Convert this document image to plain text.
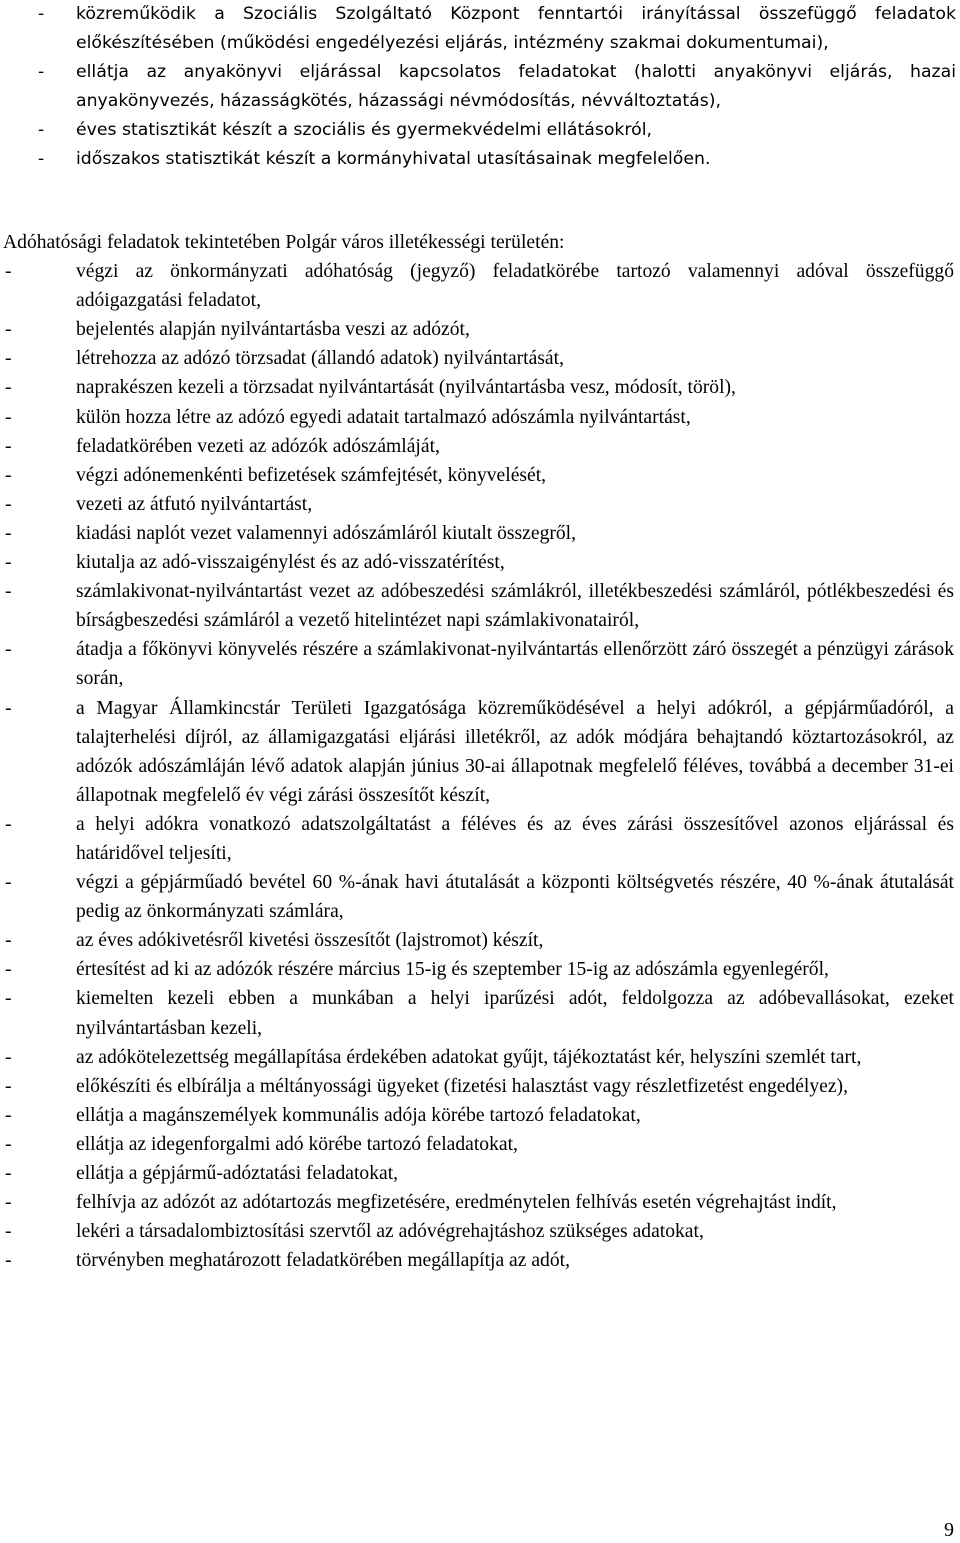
- közreműködik a Szociális Szolgáltató Központ fenntartói irányítással összefüggő feladatok előkészítésében (működési engedélyezési eljárás, intézmény szakmai dokumentumai),
- ellátja az anyakönyvi eljárással kapcsolatos feladatokat (halotti anyakönyvi eljárás, hazai anyakönyvezés, házasságkötés, házassági névmódosítás, névváltoztatás),
- éves statisztikát készít a szociális és gyermekvédelmi ellátásokról,
- időszakos statisztikát készít a kormányhivatal utasításainak megfelelően.
Adóhatósági feladatok tekintetében Polgár város illetékességi területén:
-	végzi az önkormányzati adóhatóság (jegyző) feladatkörébe tartozó valamennyi adóval összefüggő adóigazgatási feladatot,
-	bejelentés alapján nyilvántartásba veszi az adózót,
-	létrehozza az adózó törzsadat (állandó adatok) nyilvántartását,
-	naprakészen kezeli a törzsadat nyilvántartását (nyilvántartásba vesz, módosít, töröl),
-	külön hozza létre az adózó egyedi adatait tartalmazó adószámla nyilvántartást,
-	feladatkörében vezeti az adózók adószámláját,
-	végzi adónemenkénti befizetések számfejtését, könyvelését,
-	vezeti az átfutó nyilvántartást,
-	kiadási naplót vezet valamennyi adószámláról kiutalt összegről,
-	kiutalja az adó-visszaigénylést és az adó-visszatérítést,
-	számlakivonat-nyilvántartást vezet az adóbeszedési számlákról, illetékbeszedési számláról, pótlékbeszedési és bírságbeszedési számláról a vezető hitelintézet napi számlakivonatairól,
-	átadja a főkönyvi könyvelés részére a számlakivonat-nyilvántartás ellenőrzött záró összegét a pénzügyi zárások során,
-	a Magyar Államkincstár Területi Igazgatósága közreműködésével a helyi adókról, a gépjárműadóról, a talajterhelési díjról, az államigazgatási eljárási illetékről, az adók módjára behajtandó köztartozásokról, az adózók adószámláján lévő adatok alapján június 30-ai állapotnak megfelelő féléves, továbbá a december 31-ei állapotnak megfelelő év végi zárási összesítőt készít,
-	a helyi adókra vonatkozó adatszolgáltatást a féléves és az éves zárási összesítővel azonos eljárással és határidővel teljesíti,
-	végzi a gépjárműadó bevétel 60 %-ának havi átutalását a központi költségvetés részére, 40 %-ának átutalását pedig az önkormányzati számlára,
-	az éves adókivetésről kivetési összesítőt (lajstromot) készít,
-	értesítést ad ki az adózók részére március 15-ig és szeptember 15-ig az adószámla egyenlegéről,
-	kiemelten kezeli ebben a munkában a helyi iparűzési adót, feldolgozza az adóbevallásokat, ezeket nyilvántartásban kezeli,
-	az adókötelezettség megállapítása érdekében adatokat gyűjt, tájékoztatást kér, helyszíni szemlét tart,
-	előkészíti és elbírálja a méltányossági ügyeket (fizetési halasztást vagy részletfizetést engedélyez),
-	ellátja a magánszemélyek kommunális adója körébe tartozó feladatokat,
-	ellátja az idegenforgalmi adó körébe tartozó feladatokat,
-	ellátja a gépjármű-adóztatási feladatokat,
-	felhívja az adózót az adótartozás megfizetésére, eredménytelen felhívás esetén végrehajtást indít,
-	lekéri a társadalombiztosítási szervtől az adóvégrehajtáshoz szükséges adatokat,
-	törvényben meghatározott feladatkörében megállapítja az adót,
9
